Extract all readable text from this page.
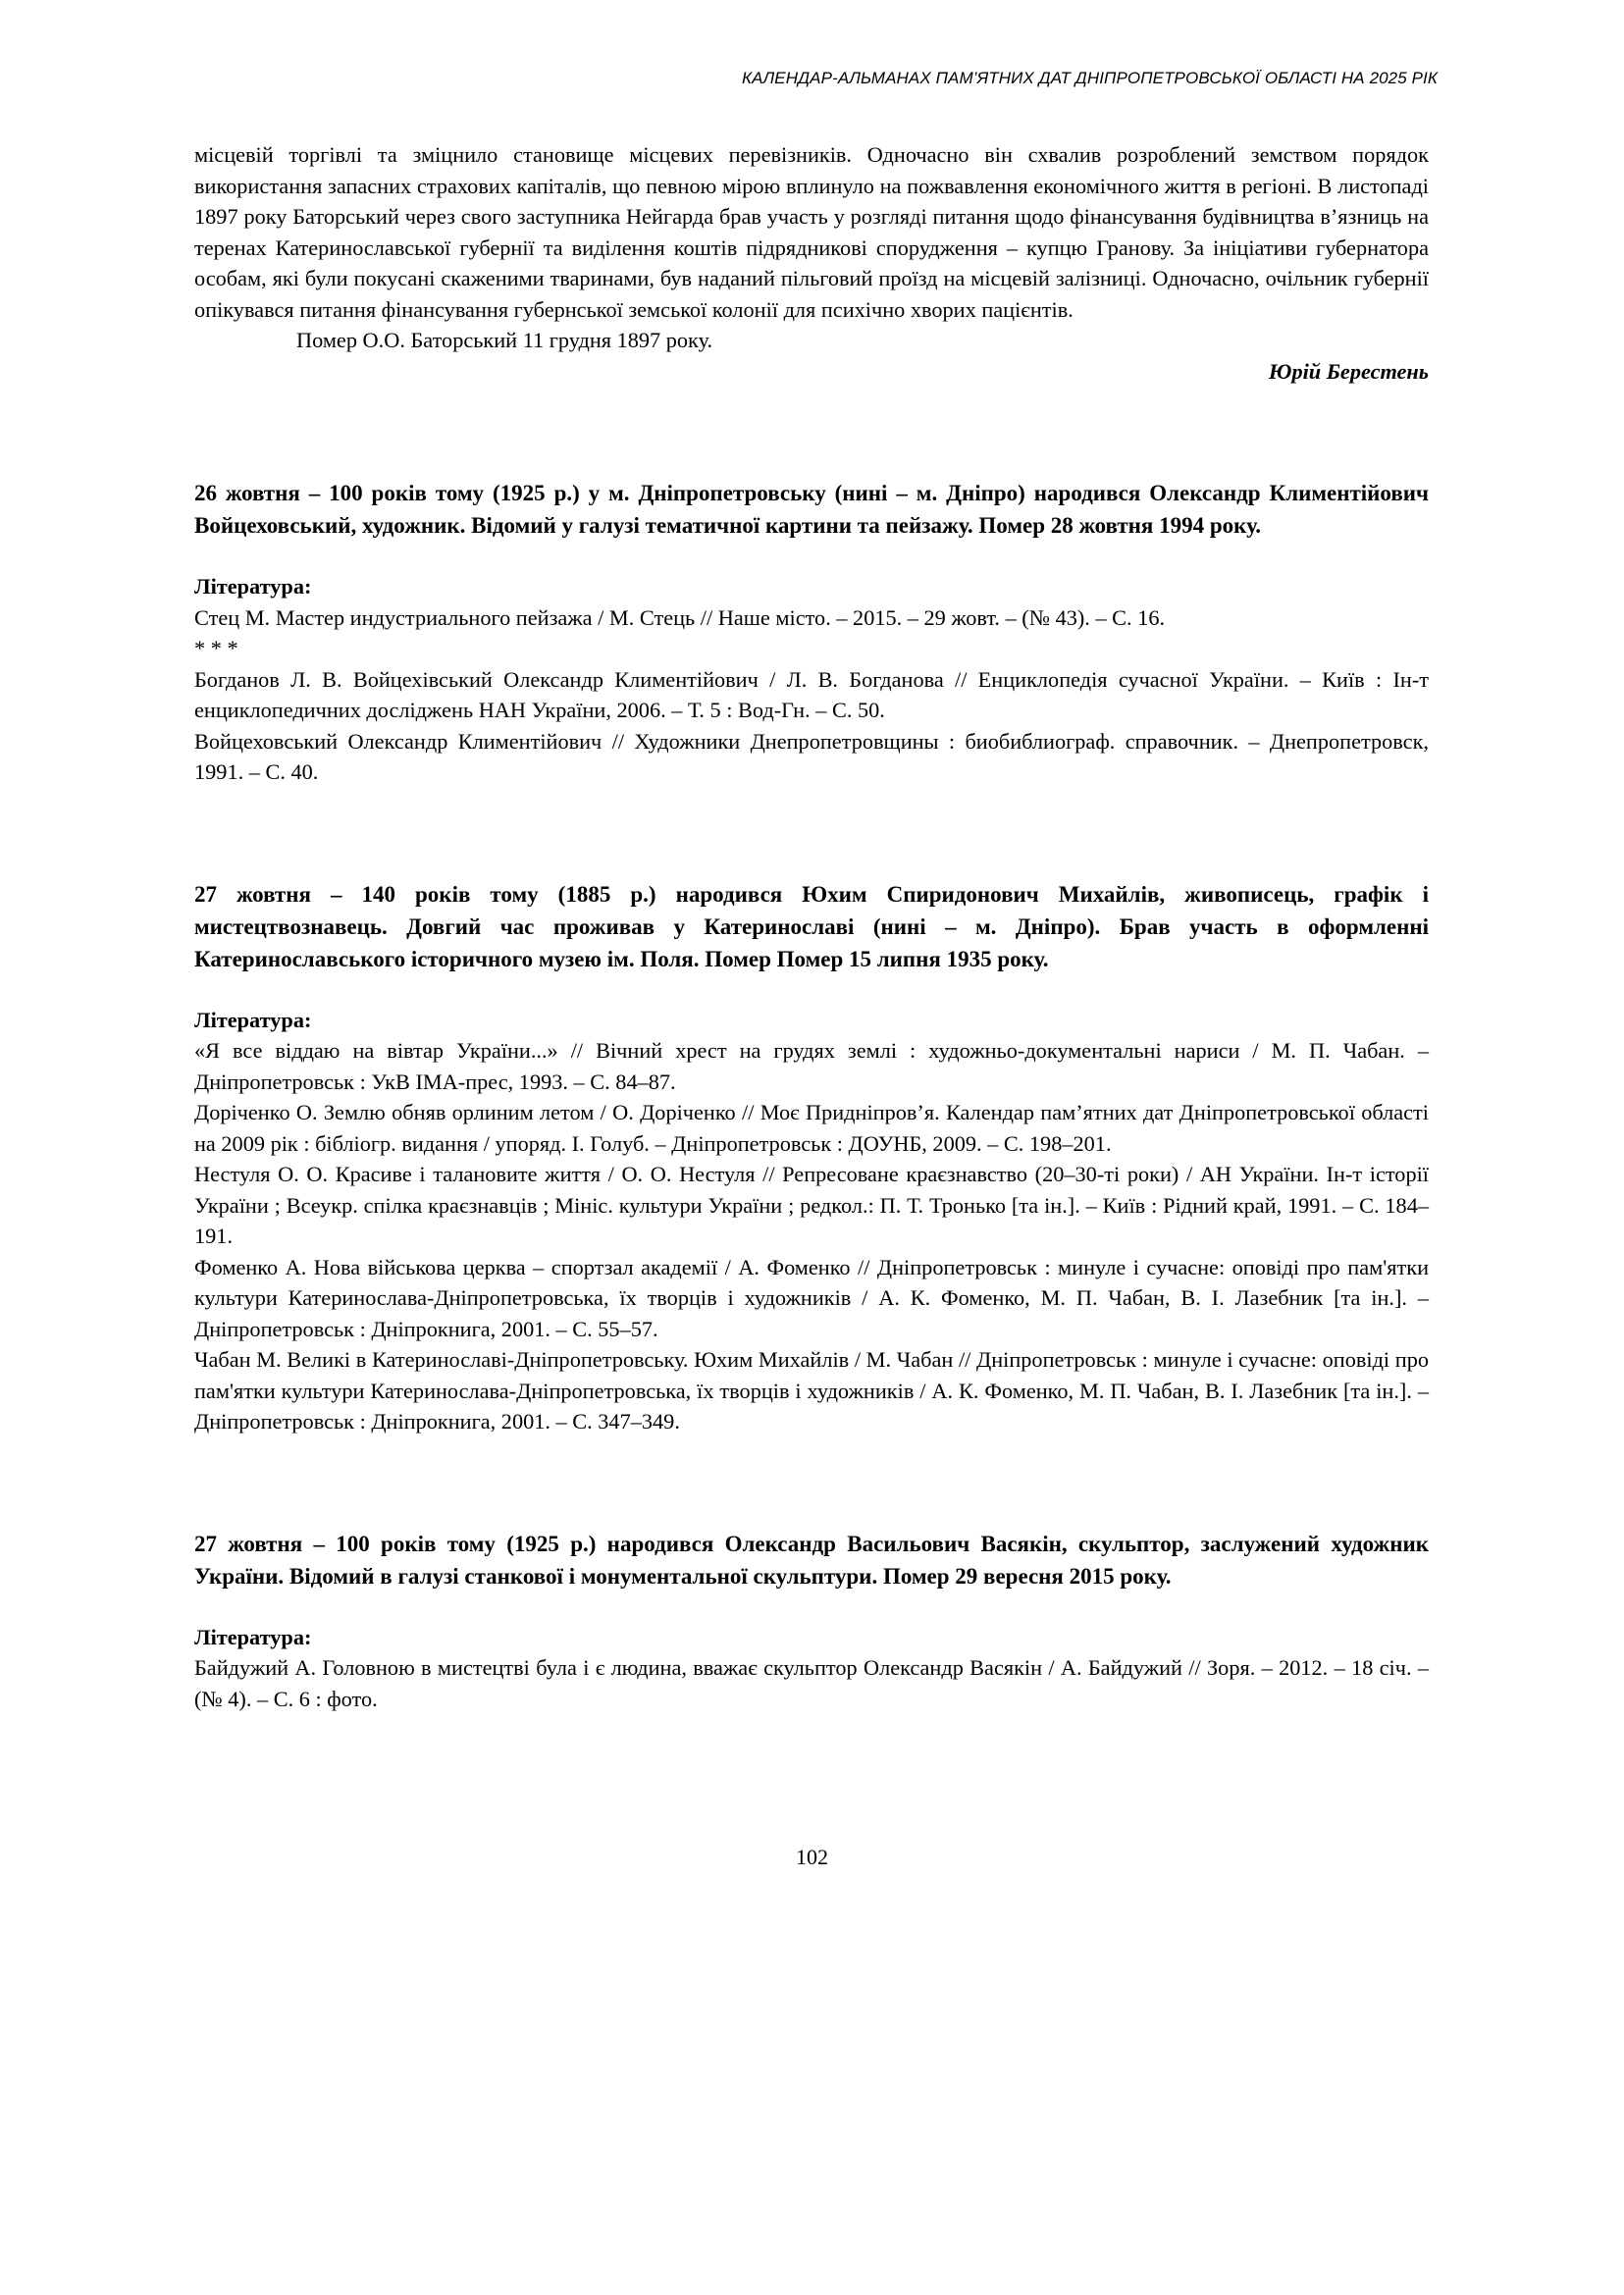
КАЛЕНДАР-АЛЬМАНАХ ПАМ’ЯТНИХ ДАТ ДНІПРОПЕТРОВСЬКОЇ ОБЛАСТІ НА 2025 РІК

місцевій торгівлі та зміцнило становище місцевих перевізників. Одночасно він схвалив розроблений земством порядок використання запасних страхових капіталів, що певною мірою вплинуло на пожвавлення економічного життя в регіоні. В листопаді 1897 року Баторський через свого заступника Нейгарда брав участь у розгляді питання щодо фінансування будівництва в’язниць на теренах Катеринославської губернії та виділення коштів підрядникові спорудження – купцю Гранову. За ініціативи губернатора особам, які були покусані скаженими тваринами, був наданий пільговий проїзд на місцевій залізниці. Одночасно, очільник губернії опікувався питання фінансування губернської земської колонії для психічно хворих пацієнтів.

Помер О.О. Баторський 11 грудня 1897 року.

Юрій Берестень

26 жовтня – 100 років тому (1925 р.) у м. Дніпропетровську (нині – м. Дніпро) народився Олександр Климентійович Войцеховський, художник. Відомий у галузі тематичної картини та пейзажу. Помер 28 жовтня 1994 року.

Література:

Стец М. Мастер индустриального пейзажа / М. Стець // Наше місто. – 2015. – 29 жовт. – (№ 43). – С. 16.
* * *
Богданов Л. В. Войцехівський Олександр Климентійович / Л. В. Богданова // Енциклопедія сучасної України. – Київ : Ін-т енциклопедичних досліджень НАН України, 2006. – Т. 5 : Вод-Гн. – С. 50.
Войцеховський Олександр Климентійович // Художники Днепропетровщины : биобиблиограф. справочник. – Днепропетровск, 1991. – С. 40.

27 жовтня – 140 років тому (1885 р.) народився Юхим Спиридонович Михайлів, живописець, графік і мистецтвознавець. Довгий час проживав у Катеринославі (нині – м. Дніпро). Брав участь в оформленні Катеринославського історичного музею ім. Поля. Помер Помер 15 липня 1935 року.

Література:

«Я все віддаю на вівтар України...» // Вічний хрест на грудях землі : художньо-документальні нариси / М. П. Чабан. – Дніпропетровськ : УкВ ІМА-прес, 1993. – С. 84–87.
Доріченко О. Землю обняв орлиним летом / О. Доріченко // Моє Придніпров’я. Календар пам’ятних дат Дніпропетровської області на 2009 рік : бібліогр. видання / упоряд. І. Голуб. – Дніпропетровськ : ДОУНБ, 2009. – С. 198–201.
Нестуля О. О. Красиве і талановите життя / О. О. Нестуля // Репресоване краєзнавство (20–30-ті роки) / АН України. Ін-т історії України ; Всеукр. спілка краєзнавців ; Мініс. культури України ; редкол.: П. Т. Тронько [та ін.]. – Київ : Рідний край, 1991. – С. 184–191.
Фоменко А. Нова військова церква – спортзал академії / А. Фоменко // Дніпропетровськ : минуле і сучасне: оповіді про пам'ятки культури Катеринослава-Дніпропетровська, їх творців і художників / А. К. Фоменко, М. П. Чабан, В. І. Лазебник [та ін.]. – Дніпропетровськ : Дніпрокнига, 2001. – С. 55–57.
Чабан М. Великі в Катеринославі-Дніпропетровську. Юхим Михайлів / М. Чабан // Дніпропетровськ : минуле і сучасне: оповіді про пам'ятки культури Катеринослава-Дніпропетровська, їх творців і художників / А. К. Фоменко, М. П. Чабан, В. І. Лазебник [та ін.]. – Дніпропетровськ : Дніпрокнига, 2001. – С. 347–349.

27 жовтня – 100 років тому (1925 р.) народився Олександр Васильович Васякін, скульптор, заслужений художник України. Відомий в галузі станкової і монументальної скульптури. Помер 29 вересня 2015 року.

Література:

Байдужий А. Головною в мистецтві була і є людина, вважає скульптор Олександр Васякін / А. Байдужий // Зоря. – 2012. – 18 січ. – (№ 4). – С. 6 : фото.
102
